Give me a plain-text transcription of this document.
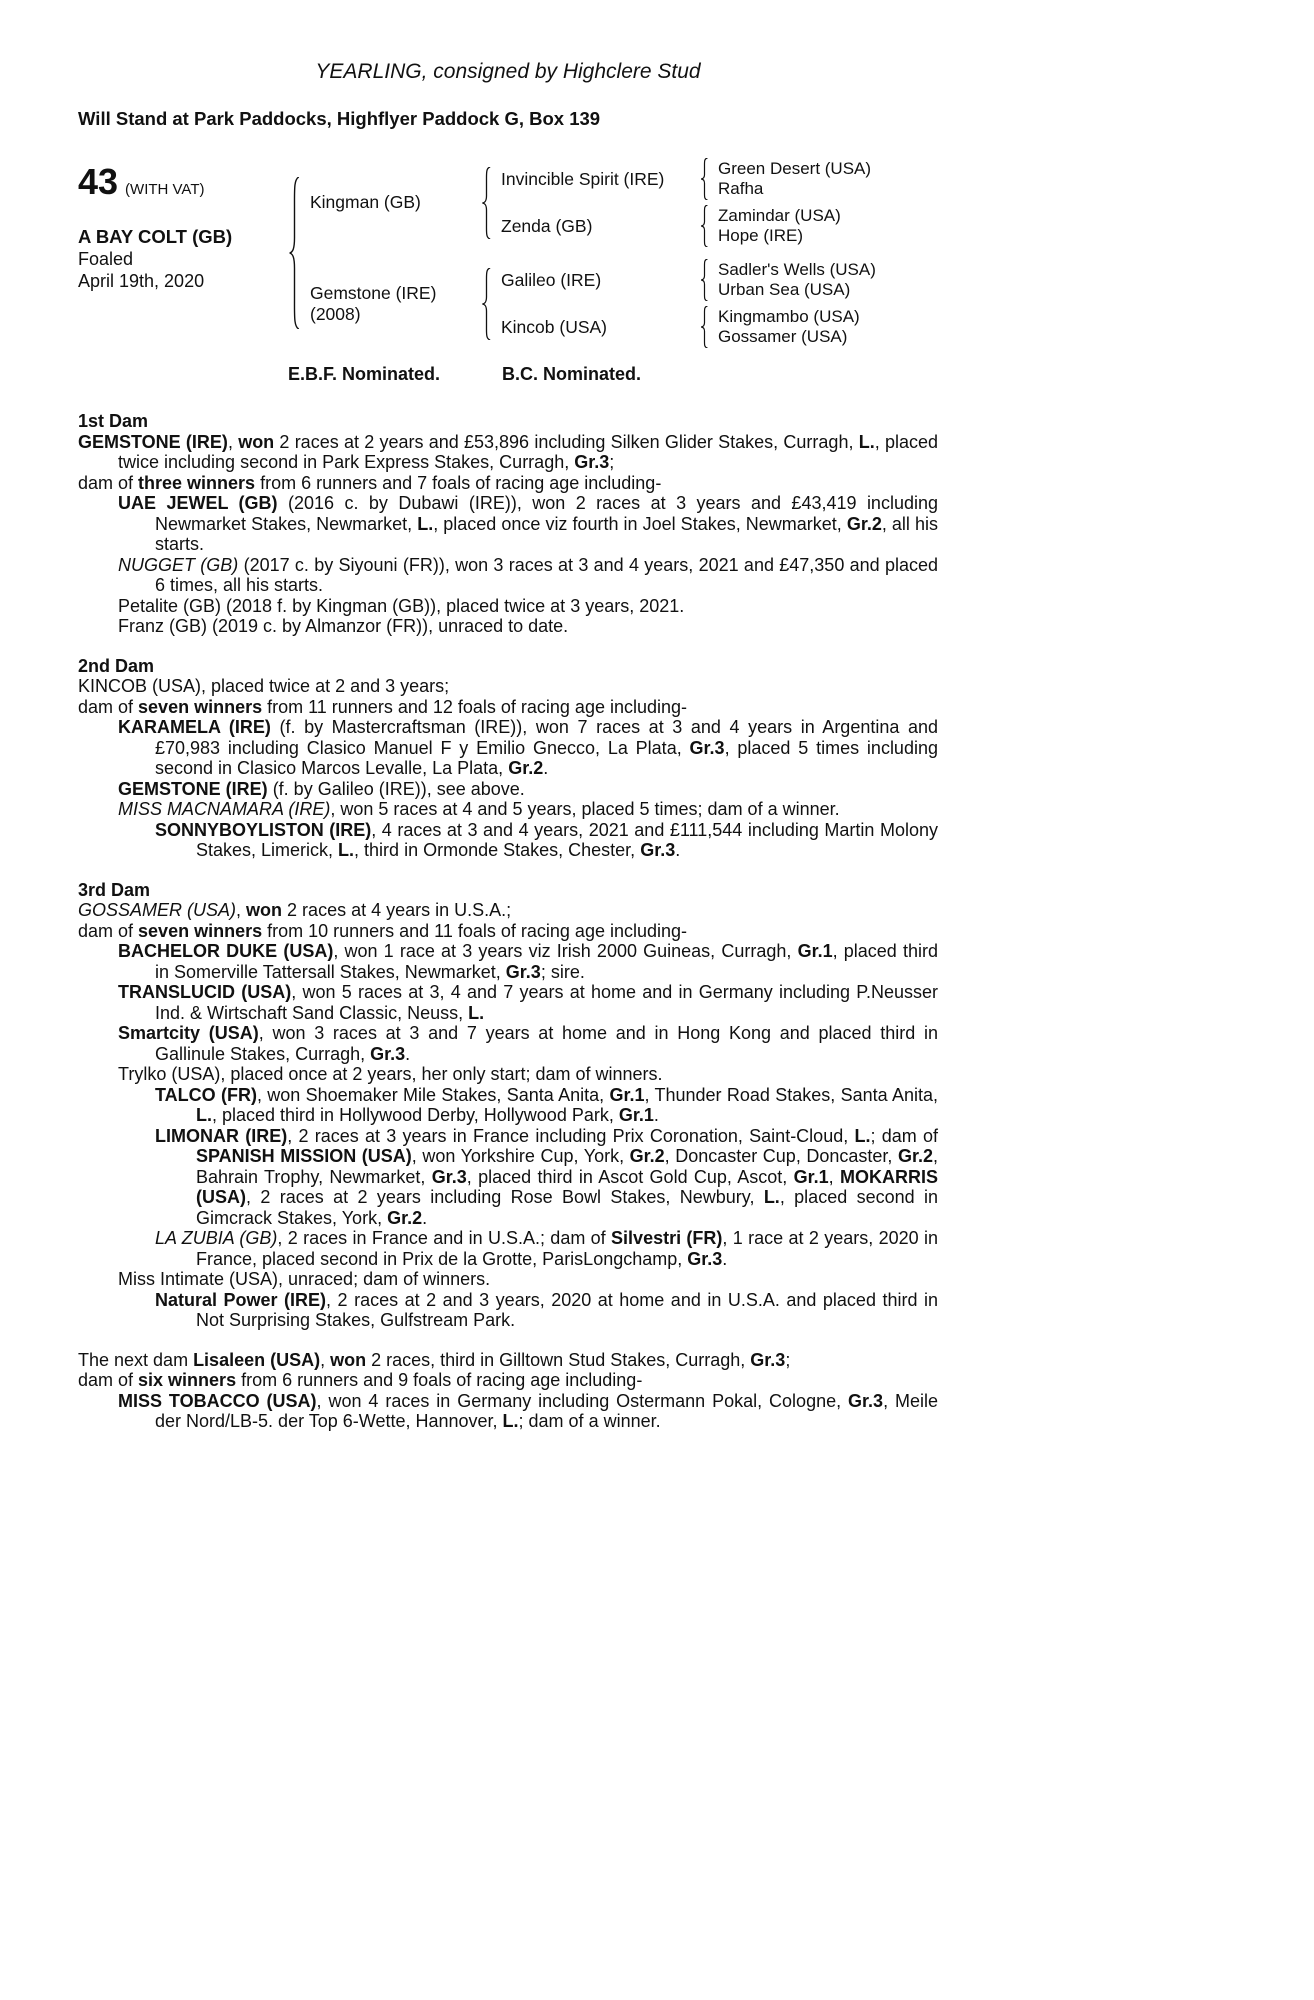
YEARLING, consigned by Highclere Stud
Will Stand at Park Paddocks, Highflyer Paddock G, Box 139
43 (WITH VAT)
A BAY COLT (GB)
Foaled
April 19th, 2020
Kingman (GB)
Invincible Spirit (IRE)	Green Desert (USA)
Rafha
Zenda (GB)	Zamindar (USA)
Hope (IRE)
Gemstone (IRE)
(2008)
Galileo (IRE)	Sadler's Wells (USA)
Urban Sea (USA)
Kincob (USA)	Kingmambo (USA)
Gossamer (USA)
E.B.F. Nominated.	B.C. Nominated.
1st Dam

GEMSTONE (IRE), won 2 races at 2 years and £53,896 including Silken Glider Stakes, Curragh, L., placed twice including second in Park Express Stakes, Curragh, Gr.3;

dam of three winners from 6 runners and 7 foals of racing age including-

UAE JEWEL (GB) (2016 c. by Dubawi (IRE)), won 2 races at 3 years and £43,419 including Newmarket Stakes, Newmarket, L., placed once viz fourth in Joel Stakes, Newmarket, Gr.2, all his starts.

NUGGET (GB) (2017 c. by Siyouni (FR)), won 3 races at 3 and 4 years, 2021 and £47,350 and placed 6 times, all his starts.

Petalite (GB) (2018 f. by Kingman (GB)), placed twice at 3 years, 2021.

Franz (GB) (2019 c. by Almanzor (FR)), unraced to date.

2nd Dam

KINCOB (USA), placed twice at 2 and 3 years;

dam of seven winners from 11 runners and 12 foals of racing age including-

KARAMELA (IRE) (f. by Mastercraftsman (IRE)), won 7 races at 3 and 4 years in Argentina and £70,983 including Clasico Manuel F y Emilio Gnecco, La Plata, Gr.3, placed 5 times including second in Clasico Marcos Levalle, La Plata, Gr.2.

GEMSTONE (IRE) (f. by Galileo (IRE)), see above.

MISS MACNAMARA (IRE), won 5 races at 4 and 5 years, placed 5 times; dam of a winner.

SONNYBOYLISTON (IRE), 4 races at 3 and 4 years, 2021 and £111,544 including Martin Molony Stakes, Limerick, L., third in Ormonde Stakes, Chester, Gr.3.

3rd Dam

GOSSAMER (USA), won 2 races at 4 years in U.S.A.;

dam of seven winners from 10 runners and 11 foals of racing age including-

BACHELOR DUKE (USA), won 1 race at 3 years viz Irish 2000 Guineas, Curragh, Gr.1, placed third in Somerville Tattersall Stakes, Newmarket, Gr.3; sire.

TRANSLUCID (USA), won 5 races at 3, 4 and 7 years at home and in Germany including P.Neusser Ind. & Wirtschaft Sand Classic, Neuss, L.

Smartcity (USA), won 3 races at 3 and 7 years at home and in Hong Kong and placed third in Gallinule Stakes, Curragh, Gr.3.

Trylko (USA), placed once at 2 years, her only start; dam of winners.

TALCO (FR), won Shoemaker Mile Stakes, Santa Anita, Gr.1, Thunder Road Stakes, Santa Anita, L., placed third in Hollywood Derby, Hollywood Park, Gr.1.

LIMONAR (IRE), 2 races at 3 years in France including Prix Coronation, Saint-Cloud, L.; dam of SPANISH MISSION (USA), won Yorkshire Cup, York, Gr.2, Doncaster Cup, Doncaster, Gr.2, Bahrain Trophy, Newmarket, Gr.3, placed third in Ascot Gold Cup, Ascot, Gr.1, MOKARRIS (USA), 2 races at 2 years including Rose Bowl Stakes, Newbury, L., placed second in Gimcrack Stakes, York, Gr.2.

LA ZUBIA (GB), 2 races in France and in U.S.A.; dam of Silvestri (FR), 1 race at 2 years, 2020 in France, placed second in Prix de la Grotte, ParisLongchamp, Gr.3.

Miss Intimate (USA), unraced; dam of winners.

Natural Power (IRE), 2 races at 2 and 3 years, 2020 at home and in U.S.A. and placed third in Not Surprising Stakes, Gulfstream Park.

The next dam Lisaleen (USA), won 2 races, third in Gilltown Stud Stakes, Curragh, Gr.3;

dam of six winners from 6 runners and 9 foals of racing age including-

MISS TOBACCO (USA), won 4 races in Germany including Ostermann Pokal, Cologne, Gr.3, Meile der Nord/LB-5. der Top 6-Wette, Hannover, L.; dam of a winner.
